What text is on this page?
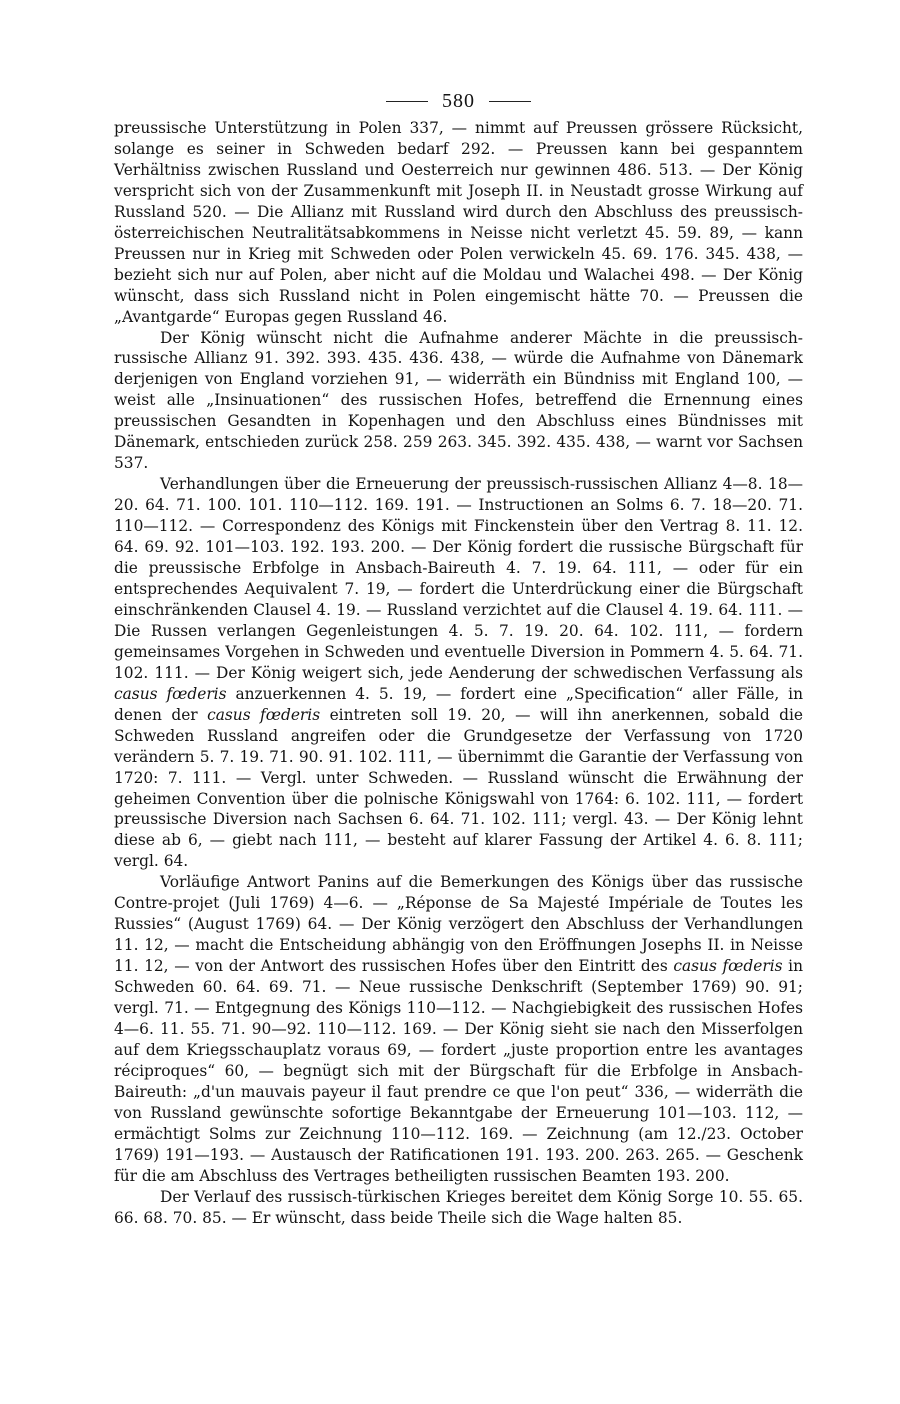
580

preussische Unterstützung in Polen 337, — nimmt auf Preussen grössere Rücksicht, solange es seiner in Schweden bedarf 292. — Preussen kann bei gespanntem Verhältniss zwischen Russland und Oesterreich nur gewinnen 486. 513. — Der König verspricht sich von der Zusammenkunft mit Joseph II. in Neustadt grosse Wirkung auf Russland 520. — Die Allianz mit Russland wird durch den Abschluss des preussisch-österreichischen Neutralitätsabkommens in Neisse nicht verletzt 45. 59. 89, — kann Preussen nur in Krieg mit Schweden oder Polen verwickeln 45. 69. 176. 345. 438, — bezieht sich nur auf Polen, aber nicht auf die Moldau und Walachei 498. — Der König wünscht, dass sich Russland nicht in Polen eingemischt hätte 70. — Preussen die „Avantgarde“ Europas gegen Russland 46.

Der König wünscht nicht die Aufnahme anderer Mächte in die preussisch-russische Allianz 91. 392. 393. 435. 436. 438, — würde die Aufnahme von Dänemark derjenigen von England vorziehen 91, — widerräth ein Bündniss mit England 100, — weist alle „Insinuationen“ des russischen Hofes, betreffend die Ernennung eines preussischen Gesandten in Kopenhagen und den Abschluss eines Bündnisses mit Dänemark, entschieden zurück 258. 259 263. 345. 392. 435. 438, — warnt vor Sachsen 537.

Verhandlungen über die Erneuerung der preussisch-russischen Allianz 4—8. 18—20. 64. 71. 100. 101. 110—112. 169. 191. — Instructionen an Solms 6. 7. 18—20. 71. 110—112. — Correspondenz des Königs mit Finckenstein über den Vertrag 8. 11. 12. 64. 69. 92. 101—103. 192. 193. 200. — Der König fordert die russische Bürgschaft für die preussische Erbfolge in Ansbach-Baireuth 4. 7. 19. 64. 111, — oder für ein entsprechendes Aequivalent 7. 19, — fordert die Unterdrückung einer die Bürgschaft einschränkenden Clausel 4. 19. — Russland verzichtet auf die Clausel 4. 19. 64. 111. — Die Russen verlangen Gegenleistungen 4. 5. 7. 19. 20. 64. 102. 111, — fordern gemeinsames Vorgehen in Schweden und eventuelle Diversion in Pommern 4. 5. 64. 71. 102. 111. — Der König weigert sich, jede Aenderung der schwedischen Verfassung als casus fœderis anzuerkennen 4. 5. 19, — fordert eine „Specification“ aller Fälle, in denen der casus fœderis eintreten soll 19. 20, — will ihn anerkennen, sobald die Schweden Russland angreifen oder die Grundgesetze der Verfassung von 1720 verändern 5. 7. 19. 71. 90. 91. 102. 111, — übernimmt die Garantie der Verfassung von 1720: 7. 111. — Vergl. unter Schweden. — Russland wünscht die Erwähnung der geheimen Convention über die polnische Königswahl von 1764: 6. 102. 111, — fordert preussische Diversion nach Sachsen 6. 64. 71. 102. 111; vergl. 43. — Der König lehnt diese ab 6, — giebt nach 111, — besteht auf klarer Fassung der Artikel 4. 6. 8. 111; vergl. 64.

Vorläufige Antwort Panins auf die Bemerkungen des Königs über das russische Contre-projet (Juli 1769) 4—6. — „Réponse de Sa Majesté Impériale de Toutes les Russies“ (August 1769) 64. — Der König verzögert den Abschluss der Verhandlungen 11. 12, — macht die Entscheidung abhängig von den Eröffnungen Josephs II. in Neisse 11. 12, — von der Antwort des russischen Hofes über den Eintritt des casus fœderis in Schweden 60. 64. 69. 71. — Neue russische Denkschrift (September 1769) 90. 91; vergl. 71. — Entgegnung des Königs 110—112. — Nachgiebigkeit des russischen Hofes 4—6. 11. 55. 71. 90—92. 110—112. 169. — Der König sieht sie nach den Misserfolgen auf dem Kriegsschauplatz voraus 69, — fordert „juste proportion entre les avantages réciproques“ 60, — begnügt sich mit der Bürgschaft für die Erbfolge in Ansbach-Baireuth: „d'un mauvais payeur il faut prendre ce que l'on peut“ 336, — widerräth die von Russland gewünschte sofortige Bekanntgabe der Erneuerung 101—103. 112, — ermächtigt Solms zur Zeichnung 110—112. 169. — Zeichnung (am 12./23. October 1769) 191—193. — Austausch der Ratificationen 191. 193. 200. 263. 265. — Geschenk für die am Abschluss des Vertrages betheiligten russischen Beamten 193. 200.

Der Verlauf des russisch-türkischen Krieges bereitet dem König Sorge 10. 55. 65. 66. 68. 70. 85. — Er wünscht, dass beide Theile sich die Wage halten 85.
